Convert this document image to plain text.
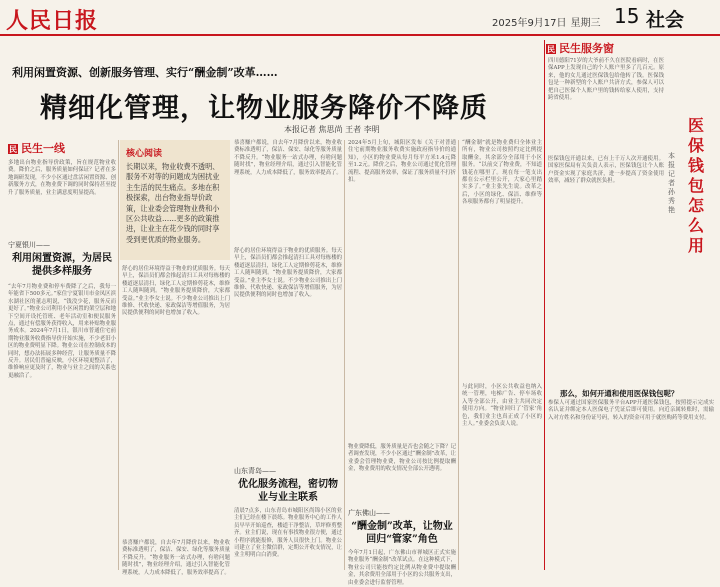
人民日报	2025年9月17日 星期三 15 社会
利用闲置资源、创新服务管理、实行“酬金制”改革……
精细化管理，让物业服务降价不降质
本报记者 焦思尚 王者 李明
民 民生一线
多地出台物业指导价政策，旨在规范物业收费。降价之后，服务质量如何保证？记者在多地调研发现，不少小区通过盘活闲置资源、创新服务方式，在物业费下调的同时保持甚至提升了服务质量，业主满意度明显提高。
宁夏银川——
利用闲置资源，为居民提供多样服务
“去年7月物业费和停车费降了之后，我每一年能省下500多元。”家住宁夏银川市金凤区滨水湖社区的董志明说，“钱没少花，服务反而更好了。”物业公司利用小区闲置的架空层和地下空间开设托管班、老年活动室和便民服务点，通过有偿服务获得收入，用来补贴物业服务成本。2024年7月1日，银川市普通住宅前期物业服务收费指导价开始实施，不少老旧小区的物业费明显下降。物业公司在控制成本的同时，想办法拓展多种经营，让服务质量不降反升。居民们普遍反映，小区环境更整洁了，维修响应更及时了，物业与业主之间的关系也更融洽了。
核心阅读
长期以来，物业收费不透明、服务不对等的问题成为困扰业主生活的民生痛点。多地在积极探索，出台物业指导价政策，让业委会管理物业费和小区公共收益……更多的政策推进，让业主在花少钱的同时享受到更优质的物业服务。
舒心的居住环境得益于物业的优质服务。每天早上，保洁员们都会推起清扫工具对每栋楼的楼道逐层清扫，绿化工人定期修剪花木，维修工人随叫随到。“物业服务提质降价，大家都受益。”业主李女士说。不少物业公司推出上门维修、代收快递、家政保洁等增值服务，为居民提供便利的同时也增加了收入。
恭喜赚户都说，自去年7月降价以来，物业收费标准透明了，保洁、保安、绿化等服务质量不降反升。“物业服务一站式办理，有啥问题随时找”，物业经理介绍，通过引入智能化管理系统，人力成本降低了，服务效率提高了。
舒心的居住环境得益于物业的优质服务。每天早上，保洁员们都会推起清扫工具对每栋楼的楼道逐层清扫，绿化工人定期修剪花木，维修工人随叫随到。“物业服务提质降价，大家都受益。”业主李女士说。不少物业公司推出上门维修、代收快递、家政保洁等增值服务，为居民提供便利的同时也增加了收入。
山东青岛——
优化服务流程，密切物业与业主联系
清晨7点多，山东青岛市城阳区尚锦小区的业主们已经在楼下晨练。物业服务中心的工作人员早早开始巡查，楼道干净整洁，草坪修剪整齐。业主们说，现在有事找物业很方便，通过小程序就能报修，服务人员很快上门。物业公司建立了业主微信群，定期公开收支情况，让业主明明白白消费。
恭喜赚户都说，自去年7月降价以来，物业收费标准透明了，保洁、保安、绿化等服务质量不降反升。“物业服务一站式办理，有啥问题随时找”，物业经理介绍，通过引入智能化管理系统，人力成本降低了，服务效率提高了。
2024年5月上旬，城阳区发布《关于对普通住宅前期物业服务收费实施政府指导价的通知》，小区的物业费从每月每平方米1.4元降至1.2元。降价之后，物业公司通过优化管理流程、提高服务效率，保证了服务质量不打折扣。
物业费降低，服务质量是否也会随之下降？记者调查发现，不少小区通过“酬金制”改革，让业委会管理物业费，物业公司按比例提取酬金，物业费用的收支情况全部公开透明。
广东佛山——
“酬金制”改革，让物业回归“管家”角色
今年7月1日起，广东佛山市禅城区正式实施物业服务“酬金制”改革试点。在这种模式下，物业公司只能按约定比例从物业费中提取酬金，其余费用全部用于小区的公共服务支出，由业委会进行监督管理。
“酬金制”就是物业费归全体业主所有，物业公司按照约定比例提取酬金，其余部分全部用于小区服务。“以前交了物业费，不知道钱花在哪里了。现在每一笔支出都在公示栏里公开，大家心里踏实多了。”业主张先生说。改革之后，小区的绿化、保洁、维修等各项服务都有了明显提升。
与此同时，小区公共收益也纳入统一管理，电梯广告、停车场收入等全部公开，由业主共同决定使用方向。“物业回归了‘管家’角色，我们业主也真正成了小区的主人。”业委会负责人说。
民 民生服务窗
医保钱包怎么用
本报记者 孙秀艳
四川德阳71岁的大爷前不久在医院看病时，在医保APP上发现自己的个人账户里多了几百元。原来，他的女儿通过医保钱包给他转了钱。医保钱包是一种新型的个人账户共济方式，参保人可以把自己医保个人账户里的钱转给家人使用，支持跨省使用。
医保钱包开通以来，已有上千万人次开通使用。国家医保局有关负责人表示，医保钱包让个人账户资金实现了家庭共济，进一步提高了资金使用效率，减轻了群众就医负担。
那么，如何开通和使用医保钱包呢？
参保人可通过国家医保服务平台APP开通医保钱包，按照提示完成实名认证并绑定本人医保电子凭证后即可使用。向近亲属转账时，需输入对方姓名和身份证号码，转入的资金可用于就医购药等费用支付。
